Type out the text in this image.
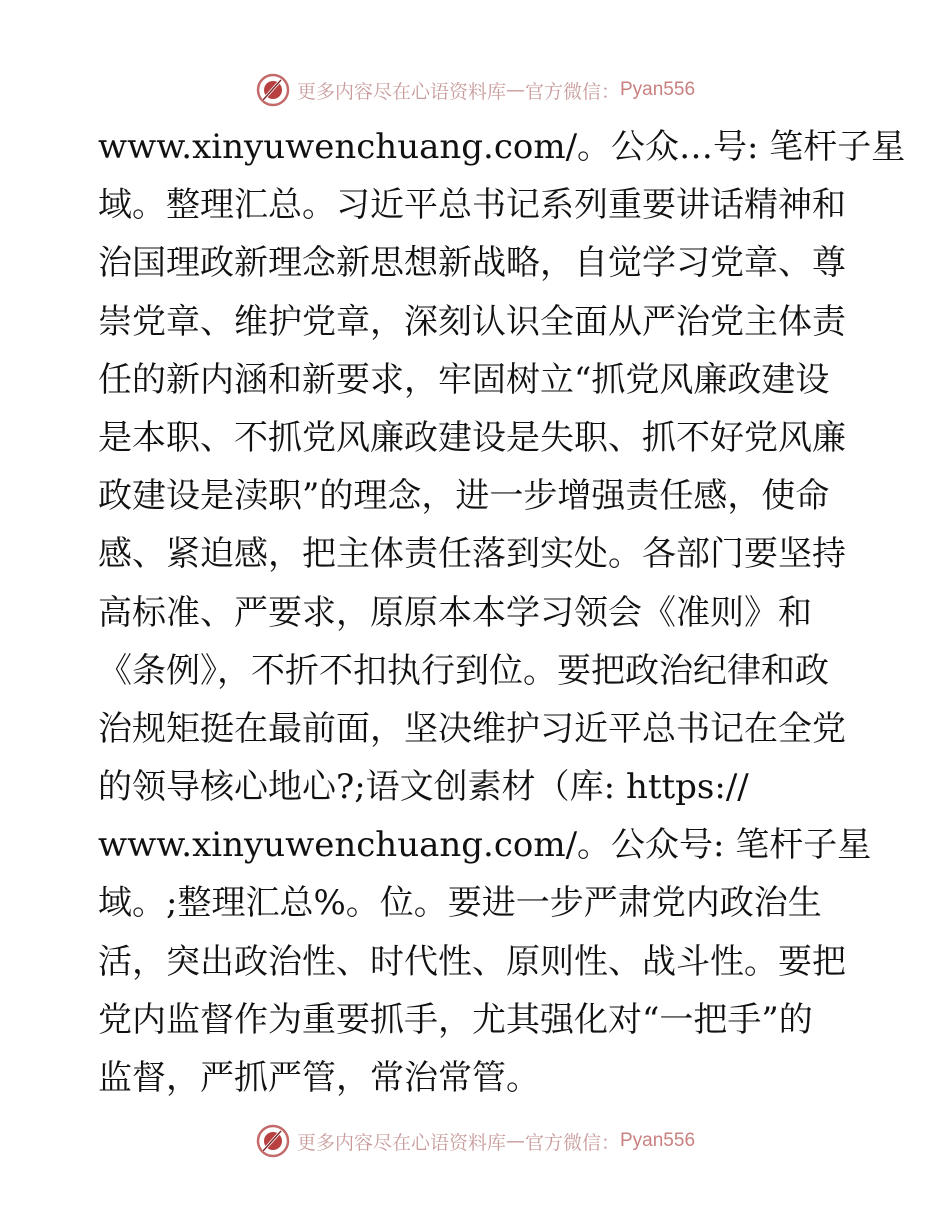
更多内容尽在心语资料库 — 官方微信： Pyan556
www.xinyuwenchuang.com/。公众…号: 笔杆子星
域。整理汇总。习近平总书记系列重要讲话精神和
治国理政新理念新思想新战略，自觉学习党章、尊
崇党章、维护党章，深刻认识全面从严治党主体责
任的新内涵和新要求，牢固树立“抓党风廉政建设
是本职、不抓党风廉政建设是失职、抓不好党风廉
政建设是渎职”的理念，进一步增强责任感，使命
感、紧迫感，把主体责任落到实处。各部门要坚持
高标准、严要求，原原本本学习领会《准则》和
《条例》，不折不扣执行到位。要把政治纪律和政
治规矩挺在最前面，坚决维护习近平总书记在全党
的领导核心地心?;语文创素材（库: https://
www.xinyuwenchuang.com/。公众号: 笔杆子星
域。;整理汇总%。位。要进一步严肃党内政治生
活，突出政治性、时代性、原则性、战斗性。要把
党内监督作为重要抓手，尤其强化对“一把手”的
监督，严抓严管，常治常管。
更多内容尽在心语资料库 — 官方微信： Pyan556
